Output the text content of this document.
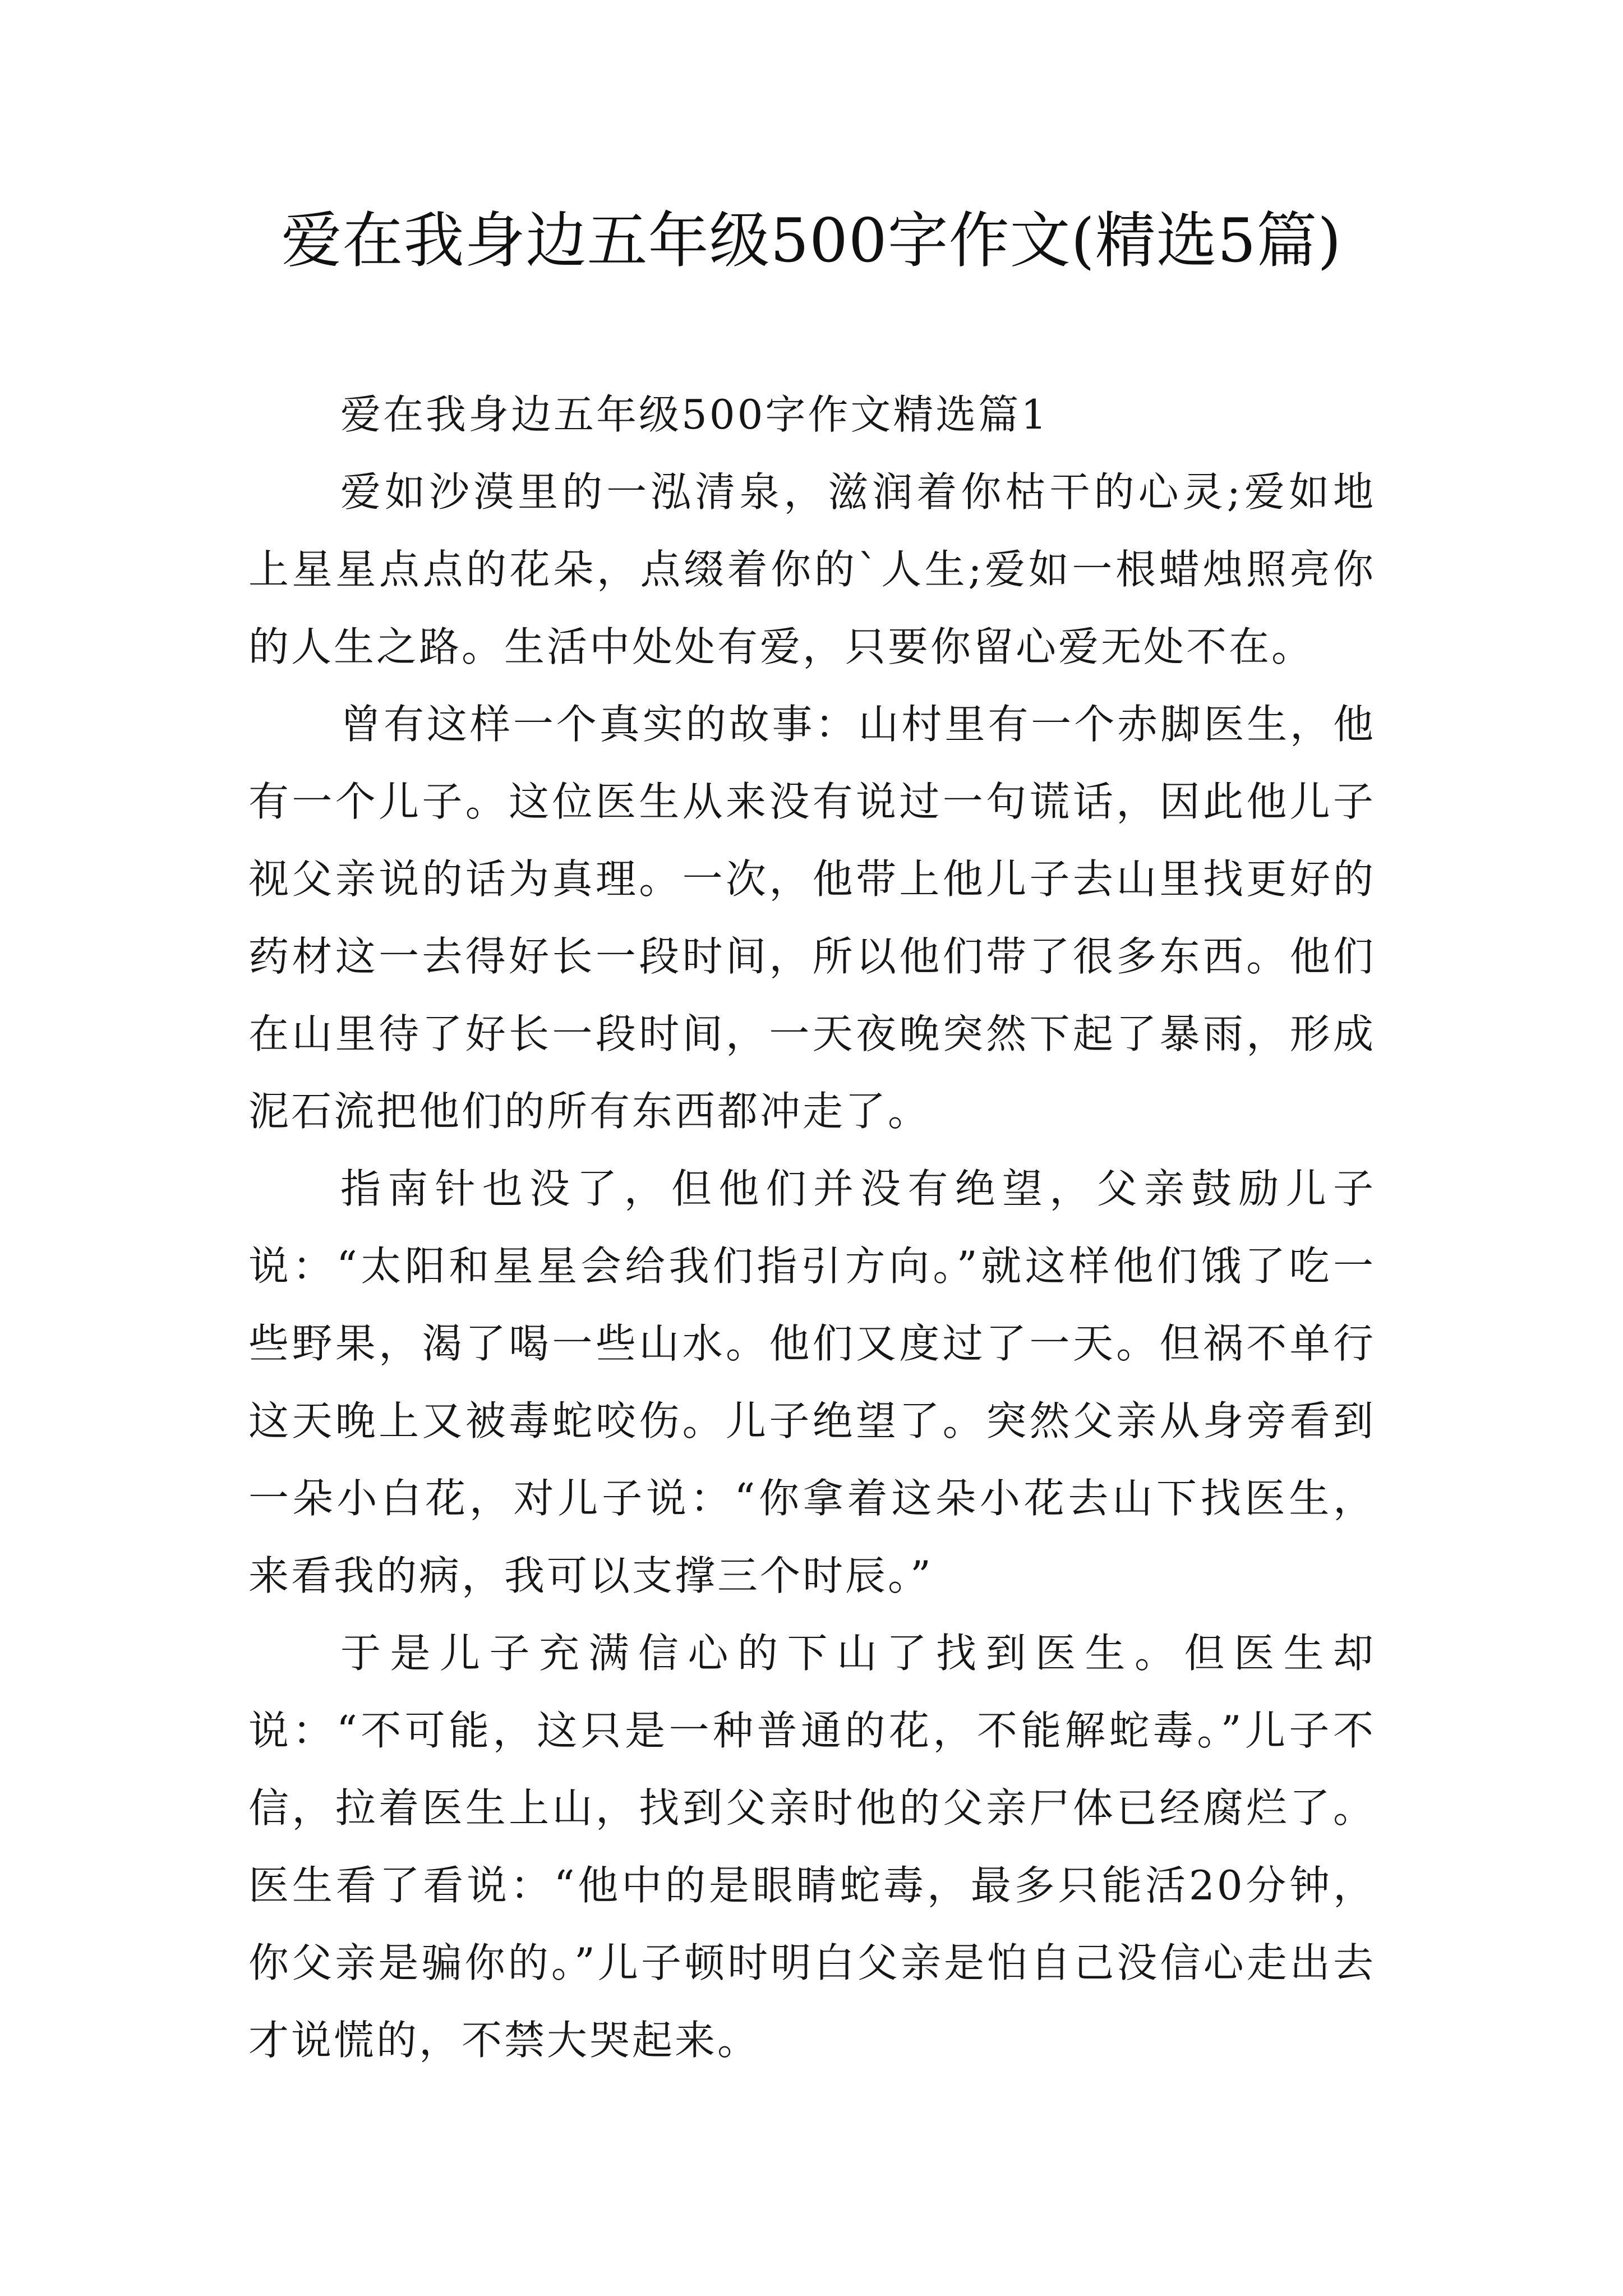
爱在我身边五年级500字作文(精选5篇)

爱在我身边五年级500字作文精选篇1

爱如沙漠里的一泓清泉，滋润着你枯干的心灵;爱如地上星星点点的花朵，点缀着你的`人生;爱如一根蜡烛照亮你的人生之路。生活中处处有爱，只要你留心爱无处不在。

曾有这样一个真实的故事：山村里有一个赤脚医生，他有一个儿子。这位医生从来没有说过一句谎话，因此他儿子视父亲说的话为真理。一次，他带上他儿子去山里找更好的药材这一去得好长一段时间，所以他们带了很多东西。他们在山里待了好长一段时间，一天夜晚突然下起了暴雨，形成泥石流把他们的所有东西都冲走了。

指南针也没了，但他们并没有绝望，父亲鼓励儿子说：“太阳和星星会给我们指引方向。”就这样他们饿了吃一些野果，渴了喝一些山水。他们又度过了一天。但祸不单行这天晚上又被毒蛇咬伤。儿子绝望了。突然父亲从身旁看到一朵小白花，对儿子说：“你拿着这朵小花去山下找医生，来看我的病，我可以支撑三个时辰。”

于是儿子充满信心的下山了找到医生。但医生却说：“不可能，这只是一种普通的花，不能解蛇毒。”儿子不信，拉着医生上山，找到父亲时他的父亲尸体已经腐烂了。医生看了看说：“他中的是眼睛蛇毒，最多只能活20分钟，你父亲是骗你的。”儿子顿时明白父亲是怕自己没信心走出去才说慌的，不禁大哭起来。
